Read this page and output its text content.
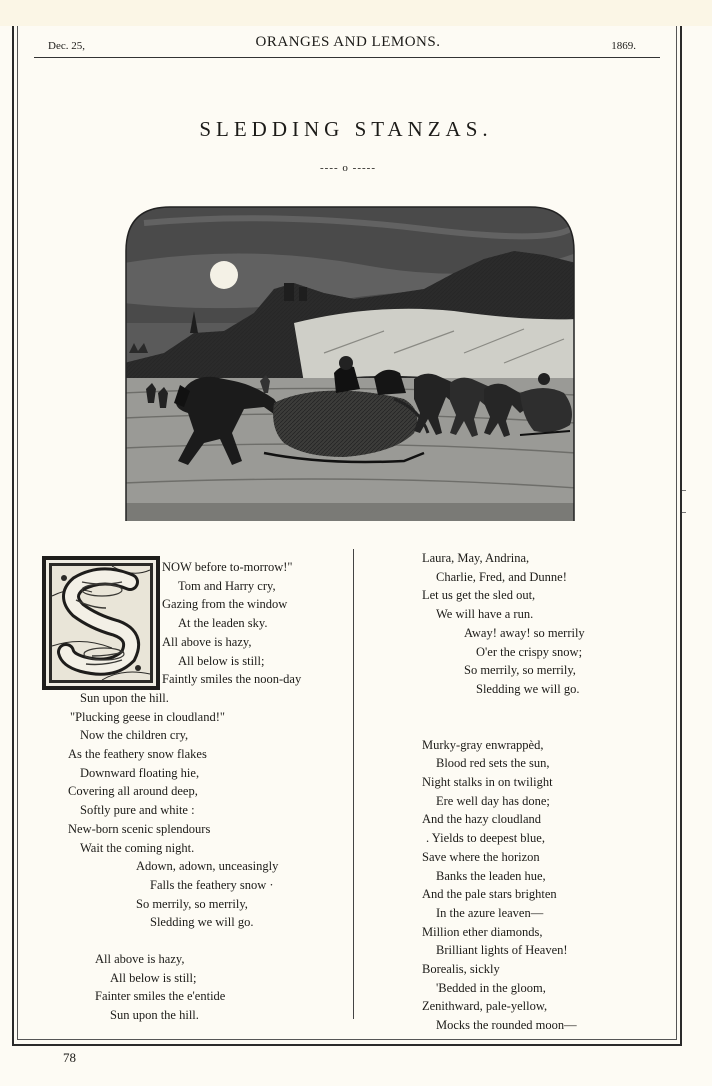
Dec. 25,	ORANGES AND LEMONS.	1869.
SLEDDING STANZAS.
---- o -----
NOW before to-morrow!"
Tom and Harry cry,
Gazing from the window
At the leaden sky.
All above is hazy,
All below is still;
Faintly smiles the noon-day
Sun upon the hill.
"Plucking geese in cloudland!"
Now the children cry,
As the feathery snow flakes
Downward floating hie,
Covering all around deep,
Softly pure and white :
New-born scenic splendours
Wait the coming night.
Adown, adown, unceasingly
Falls the feathery snow ·
So merrily, so merrily,
Sledding we will go.
All above is hazy,
All below is still;
Fainter smiles the e'entide
Sun upon the hill.
Laura, May, Andrina,
Charlie, Fred, and Dunne!
Let us get the sled out,
We will have a run.
Away! away! so merrily
O'er the crispy snow;
So merrily, so merrily,
Sledding we will go.
Murky-gray enwrappèd,
Blood red sets the sun,
Night stalks in on twilight
Ere well day has done;
And the hazy cloudland
. Yields to deepest blue,
Save where the horizon
Banks the leaden hue,
And the pale stars brighten
In the azure leaven—
Million ether diamonds,
Brilliant lights of Heaven!
Borealis, sickly
'Bedded in the gloom,
Zenithward, pale-yellow,
Mocks the rounded moon—
78
